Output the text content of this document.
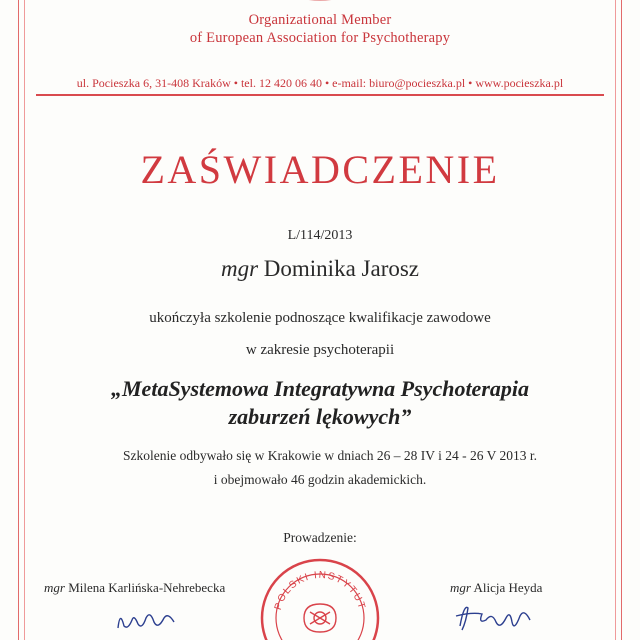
Organizational Member
of European Association for Psychotherapy
ul. Pocieszka 6, 31-408 Kraków • tel. 12 420 06 40 • e-mail: biuro@pocieszka.pl • www.pocieszka.pl
ZAŚWIADCZENIE
L/114/2013
mgr Dominika Jarosz
ukończyła szkolenie podnoszące kwalifikacje zawodowe
w zakresie psychoterapii
„MetaSystemowa Integratywna Psychoterapia
zaburzeń lękowych”
Szkolenie odbywało się w Krakowie w dniach 26 – 28 IV i 24 - 26 V 2013 r.
i obejmowało 46 godzin akademickich.
Prowadzenie:
mgr Milena Karlińska-Nehrebecka	mgr Alicja Heyda
POLSKI INSTYTUT
